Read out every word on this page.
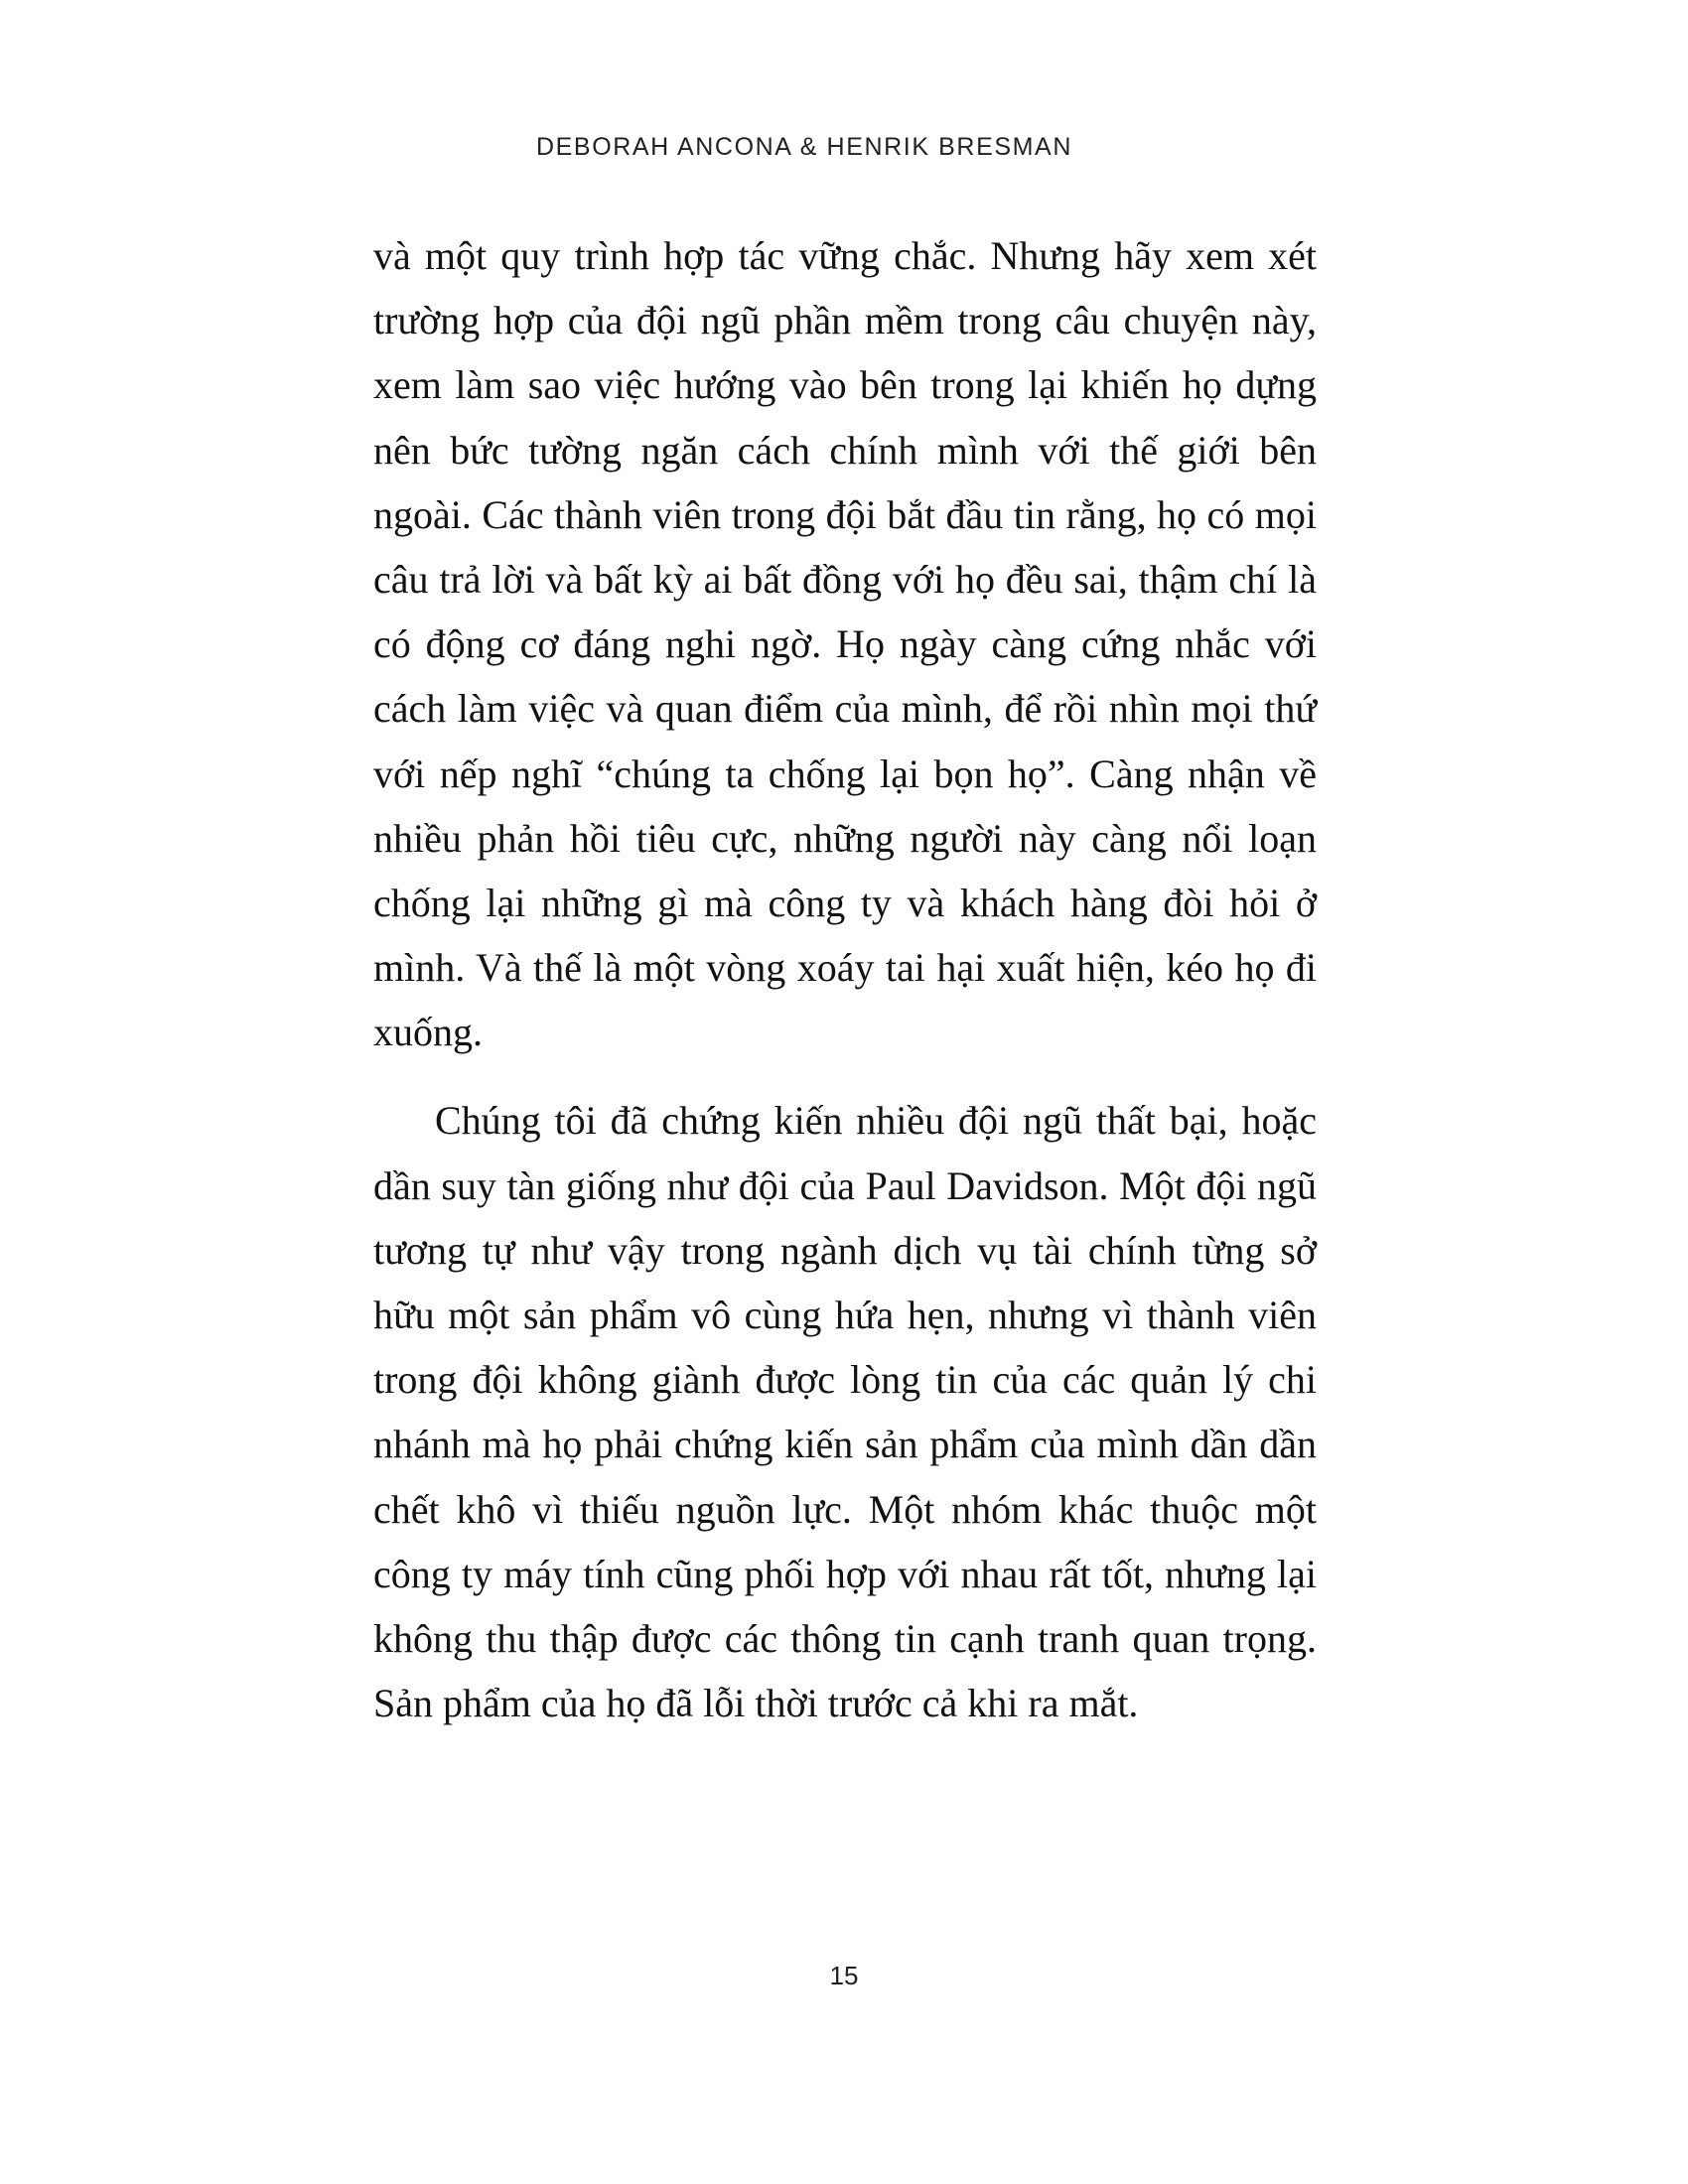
DEBORAH ANCONA & HENRIK BRESMAN

và một quy trình hợp tác vững chắc. Nhưng hãy xem xét trường hợp của đội ngũ phần mềm trong câu chuyện này, xem làm sao việc hướng vào bên trong lại khiến họ dựng nên bức tường ngăn cách chính mình với thế giới bên ngoài. Các thành viên trong đội bắt đầu tin rằng, họ có mọi câu trả lời và bất kỳ ai bất đồng với họ đều sai, thậm chí là có động cơ đáng nghi ngờ. Họ ngày càng cứng nhắc với cách làm việc và quan điểm của mình, để rồi nhìn mọi thứ với nếp nghĩ “chúng ta chống lại bọn họ”. Càng nhận về nhiều phản hồi tiêu cực, những người này càng nổi loạn chống lại những gì mà công ty và khách hàng đòi hỏi ở mình. Và thế là một vòng xoáy tai hại xuất hiện, kéo họ đi xuống.

Chúng tôi đã chứng kiến nhiều đội ngũ thất bại, hoặc dần suy tàn giống như đội của Paul Davidson. Một đội ngũ tương tự như vậy trong ngành dịch vụ tài chính từng sở hữu một sản phẩm vô cùng hứa hẹn, nhưng vì thành viên trong đội không giành được lòng tin của các quản lý chi nhánh mà họ phải chứng kiến sản phẩm của mình dần dần chết khô vì thiếu nguồn lực. Một nhóm khác thuộc một công ty máy tính cũng phối hợp với nhau rất tốt, nhưng lại không thu thập được các thông tin cạnh tranh quan trọng. Sản phẩm của họ đã lỗi thời trước cả khi ra mắt.

15
